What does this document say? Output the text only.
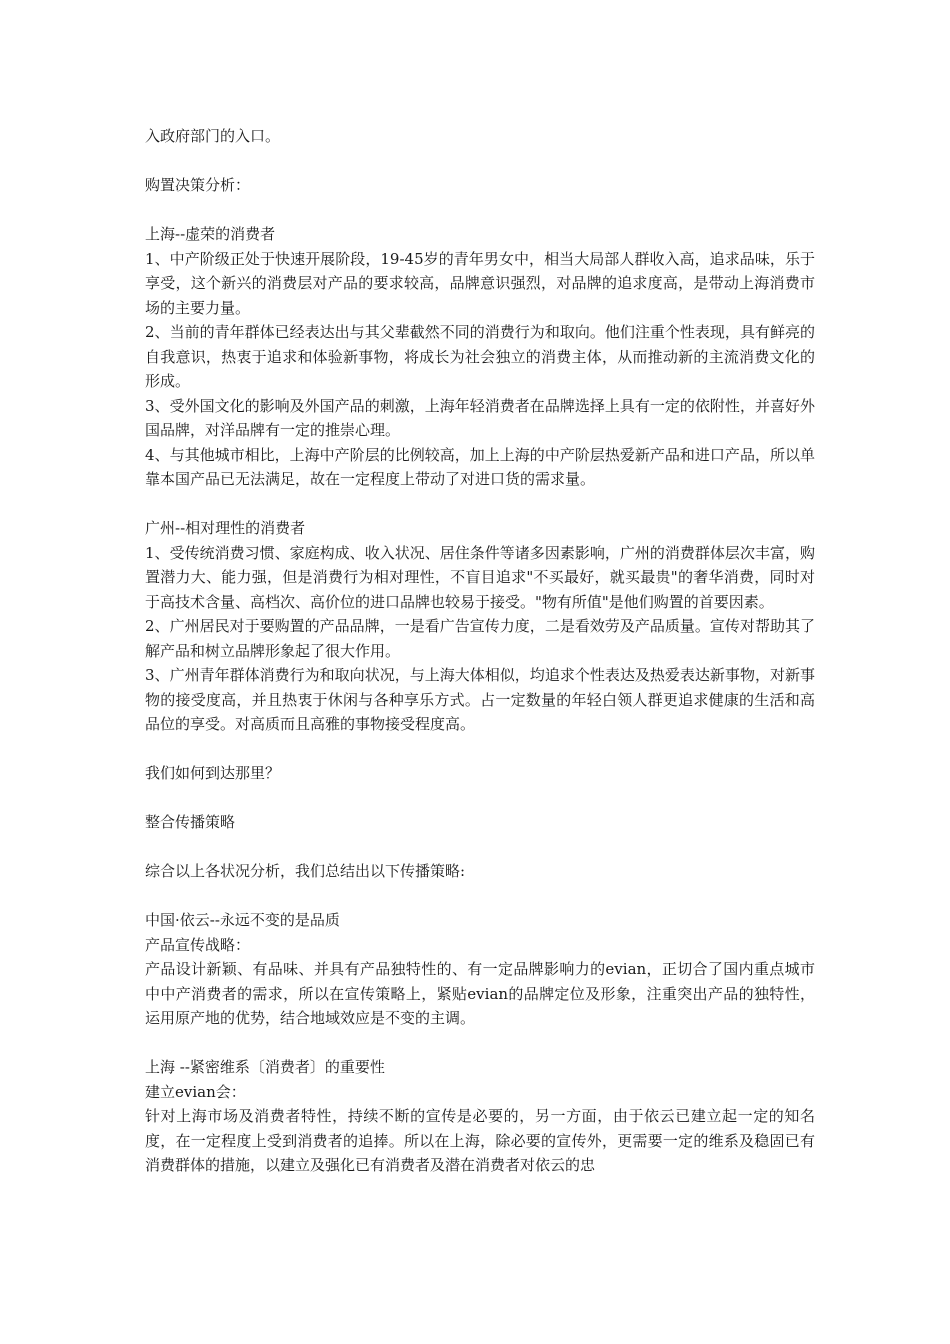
入政府部门的入口。

购置决策分析：

上海--虚荣的消费者

1、中产阶级正处于快速开展阶段，19-45岁的青年男女中，相当大局部人群收入高，追求品味，乐于享受，这个新兴的消费层对产品的要求较高，品牌意识强烈，对品牌的追求度高，是带动上海消费市场的主要力量。

2、当前的青年群体已经表达出与其父辈截然不同的消费行为和取向。他们注重个性表现，具有鲜亮的自我意识，热衷于追求和体验新事物，将成长为社会独立的消费主体，从而推动新的主流消费文化的形成。

3、受外国文化的影响及外国产品的刺激，上海年轻消费者在品牌选择上具有一定的依附性，并喜好外国品牌，对洋品牌有一定的推崇心理。

4、与其他城市相比，上海中产阶层的比例较高，加上上海的中产阶层热爱新产品和进口产品，所以单靠本国产品已无法满足，故在一定程度上带动了对进口货的需求量。

广州--相对理性的消费者

1、受传统消费习惯、家庭构成、收入状况、居住条件等诸多因素影响，广州的消费群体层次丰富，购置潜力大、能力强，但是消费行为相对理性，不盲目追求"不买最好，就买最贵"的奢华消费，同时对于高技术含量、高档次、高价位的进口品牌也较易于接受。"物有所值"是他们购置的首要因素。

2、广州居民对于要购置的产品品牌，一是看广告宣传力度，二是看效劳及产品质量。宣传对帮助其了解产品和树立品牌形象起了很大作用。

3、广州青年群体消费行为和取向状况，与上海大体相似，均追求个性表达及热爱表达新事物，对新事物的接受度高，并且热衷于休闲与各种享乐方式。占一定数量的年轻白领人群更追求健康的生活和高品位的享受。对高质而且高雅的事物接受程度高。

我们如何到达那里？

整合传播策略

综合以上各状况分析，我们总结出以下传播策略:

中国·依云--永远不变的是品质

产品宣传战略：

产品设计新颖、有品味、并具有产品独特性的、有一定品牌影响力的evian，正切合了国内重点城市中中产消费者的需求，所以在宣传策略上，紧贴evian的品牌定位及形象，注重突出产品的独特性，运用原产地的优势，结合地域效应是不变的主调。

上海 --紧密维系〔消费者〕的重要性

建立evian会：

针对上海市场及消费者特性，持续不断的宣传是必要的，另一方面，由于依云已建立起一定的知名度，在一定程度上受到消费者的追捧。所以在上海，除必要的宣传外，更需要一定的维系及稳固已有消费群体的措施，以建立及强化已有消费者及潜在消费者对依云的忠
